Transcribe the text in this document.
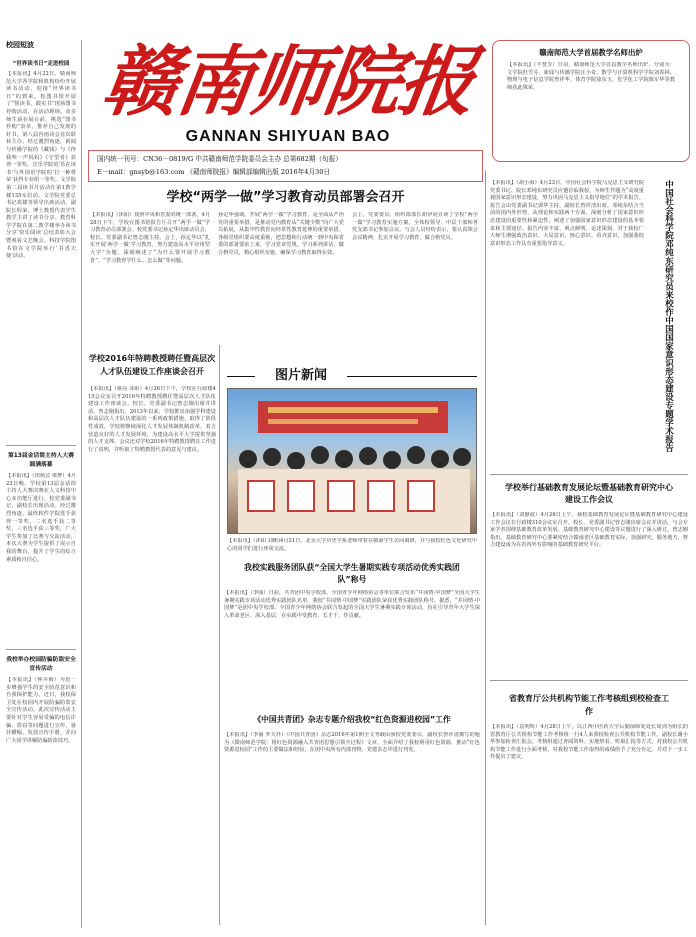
校园短波
“世界读书日”走进校园
【本报讯】4月22日，赣南师范大学各学院和机构纷纷开展读书活动，迎接“世界读书日”的到来。校图书馆开展了“悦读书，践实书”现场图书荐购活动。在活动现场，众多师生前在展台前，挑选“图书荐购”表单，推荐自己发现的好书。第八届谷雨诗会首次联袂主办，经过激烈角逐，新闻与传播学院的《藏钱》与《得我叫一声妈妈》《守望者》获得一等奖。音乐学院的‘乐在读书’与外国语学院的‘打一种尊荣’获得专业组一等奖。文学院第二届读书月活动在第1教学楼135室启动。文学院党委总书记邓雄等领导出席活动。副院长程荣、博士教授代表学生教学主讲了读书分享。教育科学学院在第二教学楼举办读书分享‘快乐阅读’总结表彰大会暨观看文艺晚会。科技学院图书馆在文学院举行‘书香天使’活动。
第13届金话筒主持人大赛圆满落幕
【本报讯】（田炳芸 梁梦）4月23日晚，学校第13届金话筒主持人大赛决赛在人文科技中心多功能厅进行。校党委副书记、副校长出席活动。经过激烈角逐，最终软件学院选手获得一等奖，二名选手获二等奖，三名选手获三等奖，广大学生参加了比赛与交流活动，本次大赛为学生提供了展示自我的舞台，提升了学生的综合素质和自信心。
我校举办校园防骗防盗安全宣传活动
【本报讯】（钟卉梅）为进一步增强学生的安全防范意识和自我保护能力，近日，我校保卫处在校园内开展防骗防盗安全宣传活动。此次宣传活动主要针对学生容易受骗的电信诈骗、盗窃等问题进行宣传，悬挂横幅、发放宣传手册，并向广大同学讲解防骗防盗技巧。
赣南师院报
GANNAN SHIYUAN BAO
赣南师范大学首届教学名师出炉
【本报讯】（丰慧芳）日前，赣南师范大学首届教学名师出炉，分别为：文学院杜雪芬、新闻与传播学院汪小奇、数学与计算机科学学院刘春林、物理与电子信息学院曾祥华、体育学院徐东玉、化学化工学院陈军华等教师获此殊荣。
国内统一刊号：CN36－0819/G 中共赣南师范学院委员会主办 总第682期（旬报）
E－mail：gnsyb@163.com 《赣南师院报》编辑部编辑出版 2016年4月30日
学校“两学一做”学习教育动员部署会召开
【本报讯】（沐阳）按照中央和省委的统一部署，4月28日下午，学校在图书馆报告厅召开“两学一做”学习教育动员部署会。校党委书记孙定华出席动员会，校长、党委副书记曾志刚主持。会上，孙定华以“扎实开展‘两学一做’学习教育，努力建设高水平应用型大学”为题，深刻阐述了“为什么要开展学习教育”、“学习教育学什么、怎么做”等问题。
孙定华强调，开展“两学一做”学习教育，是全面从严治党的重要举措，是推动党内教育从“关键少数”向广大党员拓展，从集中性教育向经常性教育延伸的重要举措。各级党组织要高度重视，把思想和行动统一到中央和省委的部署要求上来，学习党章党规，学习系列讲话，做合格党员，精心组织实施，确保学习教育取得实效。
会上，党委委员、组织部部长胡伊同宣读了学校“两学一做”学习教育实施方案。全体校领导、中层干部和各党支部书记参加会议。与会人员纷纷表示，要认真领会会议精神，扎实开展学习教育，做合格党员。
学校2016年特聘教授聘任暨高层次人才队伍建设工作座谈会召开
【本报讯】（蔡亮 沐阳）4月26日下午，学校在行政楼415会议室召开2016年特聘教授聘任暨高层次人才队伍建设工作座谈会。校长、党委副书记曾志刚出席并讲话。曾志刚指出，2013年以来，学校推出加强学科建设和高层次人才队伍建设的一系列政策措施，取得了阶段性成效。学校将继续深化人才发展体制机制改革，着力营造良好的人才发展环境，为建设高水平大学提供坚强的人才支撑。会议还对学校2016年特聘教授聘任工作进行了说明，并听取了特聘教授代表的意见与建议。
图片新闻
【本报讯】（沐阳 刘彬)4月21日，北京大学历史学系老师带着在赣南学生访问调研，并与我校红色文化研究中心的同学们进行座谈交流。
我校实践服务团队获“全国大学生暑期实践专项活动优秀实践团队”称号
【本报讯】（李丽）日前，共青团中央学校部、全国青少年网络协会等单位联合发布“井冈情·中国梦”全国大学生暑期实践专项活动优秀实践团队名单，我校“井冈情·中国梦”实践团队荣获优秀实践团队称号。据悉，“井冈情·中国梦”是团中央学校部、全国青少年网络协会联合发起的全国大学生暑期实践专项活动，旨在引导青年大学生深入革命老区、深入基层，在实践中受教育、长才干、作贡献。
《中国共青团》杂志专题介绍我校“红色资源进校园”工作
【本报讯】（李丽 罗天祥）《中国共青团》杂志2016年第1期全文刊载由我校党委委员、副校长曾祥清撰写的题为《赣南师范学院：将红色资源融入共青团思想引领全过程》文章，全面介绍了我校利用红色资源，推动“红色资源进校园”工作的主要做法和经验，在团中央所有内部刊物、党建杂志中进行刊发。
【本报讯】（胡小海）4月23日，中国社会科学院马克思主义研究院党委书记、院长邓纯东研究员应邀莅临我校，为师生作题为“高度重视国家意识形态建设，努力巩固马克思主义指导地位”的学术报告。报告会由党委副书记郭华主持，副校长曾祥清出席。邓纯东结合当前的国内外形势，从理论和实践两个方面，深刻分析了国家意识形态建设的重要性和紧迫性，阐述了加强国家意识形态建设的基本要求和主要途径。报告内容丰富、观点鲜明、论述深刻，对于我校广大师生增强政治意识、大局意识、核心意识、看齐意识，加强我校意识形态工作具有重要指导意义。	中国社会科学院邓纯东研究员来校作中国国家意识形态建设专题学术报告
学校举行基础教育发展论坛暨基础教育研究中心建设工作会议
【本报讯】（刘静波）4月28日上午，我校基础教育发展论坛暨基础教育研究中心建设工作会议在行政楼310会议室召开。校长、党委副书记曾志刚出席会议并讲话。与会专家学者围绕基础教育改革发展、基础教育研究中心建设等议题进行了深入研讨。曾志刚指出，基础教育研究中心要紧密结合赣南老区基础教育实际，加强研究，服务地方，努力建设成为在省内外有影响的基础教育研究平台。
省教育厅公共机构节能工作考核组到校检查工作
【本报讯】（袁明辉）4月28日上午，以江西中医药大学后勤保障处处长周剑为组长的省教育厅公共机构节能工作考核组一行4人来我校检查公共机构节能工作。副校长谢小华参加检查汇报会。考核组通过查阅资料、实地察看、听取汇报等方式，对我校公共机构节能工作进行全面考核，对我校节能工作取得的成绩给予了充分肯定，并对下一步工作提出了建议。
